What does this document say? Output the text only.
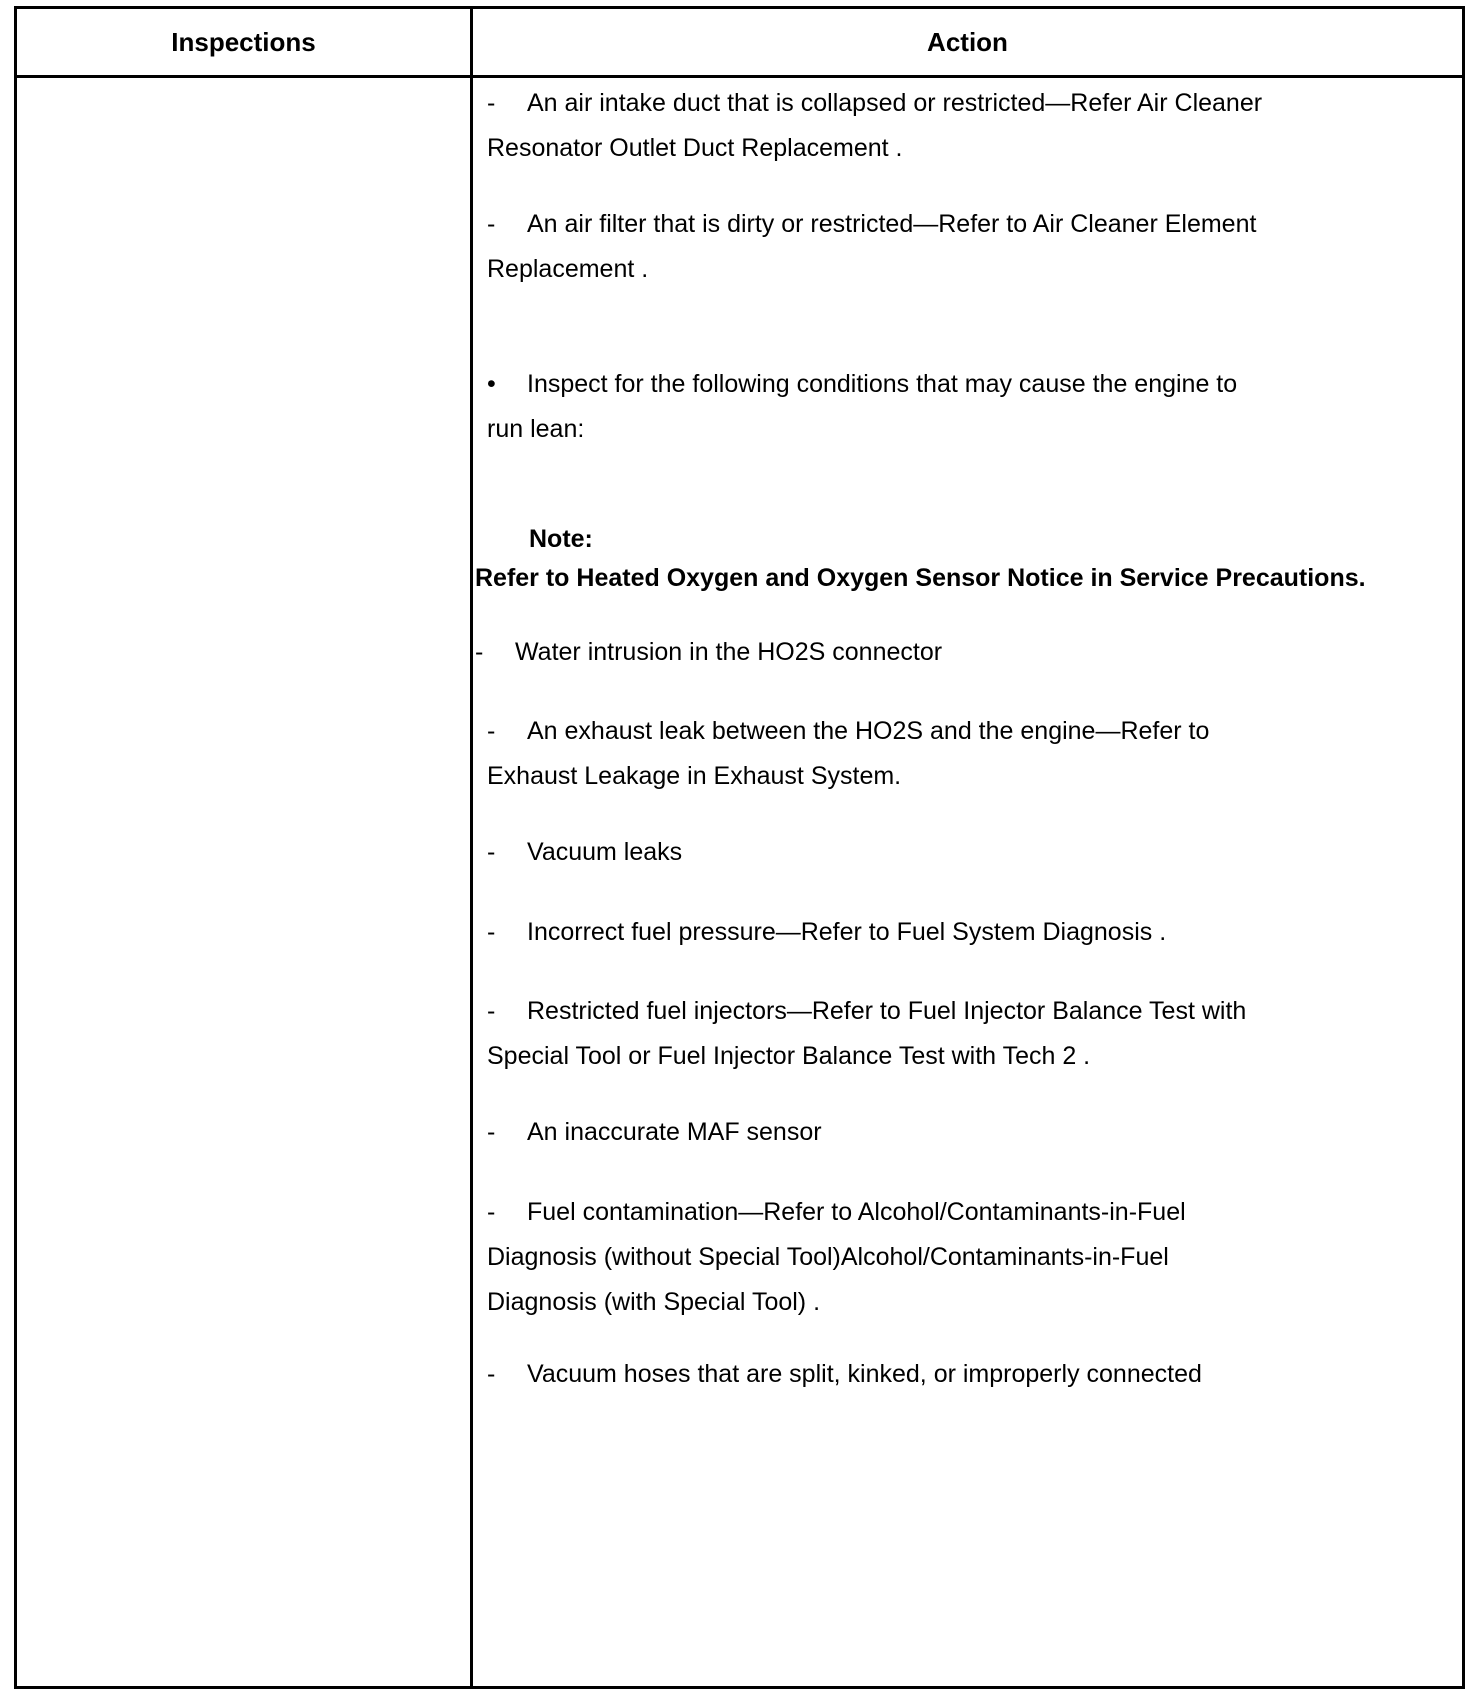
Inspections	Action
- An air intake duct that is collapsed or restricted—Refer Air Cleaner
Resonator Outlet Duct Replacement .
- An air filter that is dirty or restricted—Refer to Air Cleaner Element
Replacement .
• Inspect for the following conditions that may cause the engine to
run lean:
Note:
Refer to Heated Oxygen and Oxygen Sensor Notice in Service Precautions.
- Water intrusion in the HO2S connector
- An exhaust leak between the HO2S and the engine—Refer to
Exhaust Leakage in Exhaust System.
- Vacuum leaks
- Incorrect fuel pressure—Refer to Fuel System Diagnosis .
- Restricted fuel injectors—Refer to Fuel Injector Balance Test with
Special Tool or Fuel Injector Balance Test with Tech 2 .
- An inaccurate MAF sensor
- Fuel contamination—Refer to Alcohol/Contaminants-in-Fuel
Diagnosis (without Special Tool)Alcohol/Contaminants-in-Fuel
Diagnosis (with Special Tool) .
- Vacuum hoses that are split, kinked, or improperly connected
